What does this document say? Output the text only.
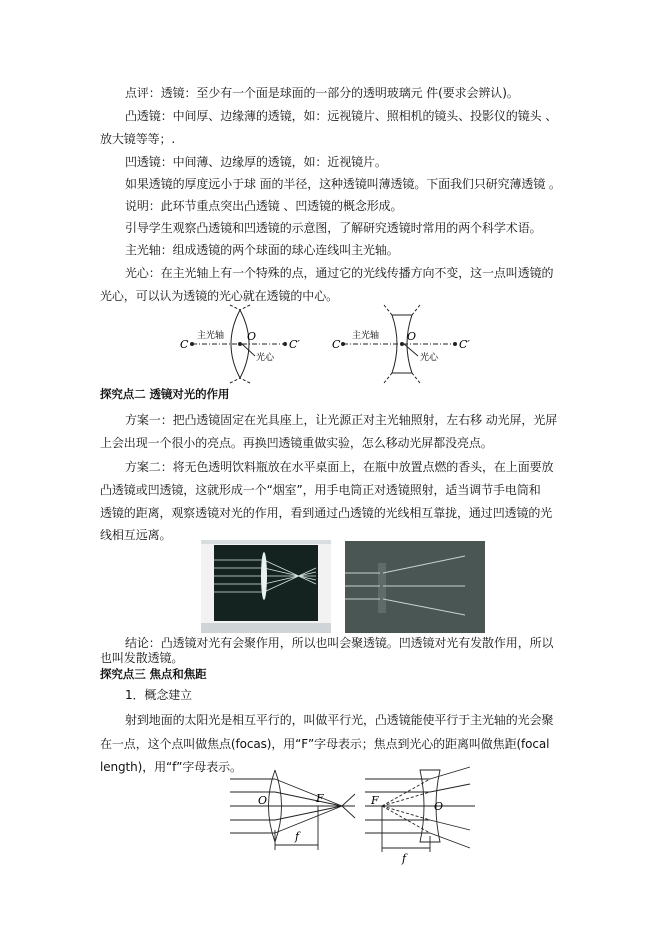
点评：透镜：至少有一个面是球面的一部分的透明玻璃元 件(要求会辨认)。
凸透镜：中间厚、边缘薄的透镜，如：远视镜片、照相机的镜头、投影仪的镜头 、
放大镜等等；.
凹透镜：中间薄、边缘厚的透镜，如：近视镜片。
如果透镜的厚度远小于球 面的半径，这种透镜叫薄透镜。下面我们只研究薄透镜 。
说明：此环节重点突出凸透镜 、凹透镜的概念形成。
引导学生观察凸透镜和凹透镜的示意图，了解研究透镜时常用的两个科学术语。
主光轴：组成透镜的两个球面的球心连线叫主光轴。
光心：在主光轴上有一个特殊的点，通过它的光线传播方向不变，这一点叫透镜的
光心，可以认为透镜的光心就在透镜的中心。
C
主光轴 O
光心
C′	C
主光轴	O
光心
C′
探究点二 透镜对光的作用
方案一：把凸透镜固定在光具座上，让光源正对主光轴照射，左右移 动光屏，光屏
上会出现一个很小的亮点。再换凹透镜重做实验，怎么移动光屏都没亮点。
方案二：将无色透明饮料瓶放在水平桌面上，在瓶中放置点燃的香头，在上面要放
凸透镜或凹透镜，这就形成一个“烟室”，用手电筒正对透镜照射，适当调节手电筒和
透镜的距离，观察透镜对光的作用，看到通过凸透镜的光线相互靠拢，通过凹透镜的光
线相互远离。
结论：凸透镜对光有会聚作用，所以也叫会聚透镜。凹透镜对光有发散作用，所以
也叫发散透镜。
探究点三 焦点和焦距
1．概念建立
射到地面的太阳光是相互平行的，叫做平行光，凸透镜能使平行于主光轴的光会聚
在一点，这个点叫做焦点(focas)，用“F”字母表示；焦点到光心的距离叫做焦距(focal
length)，用“f”字母表示。
O	F
f
F	O
f
